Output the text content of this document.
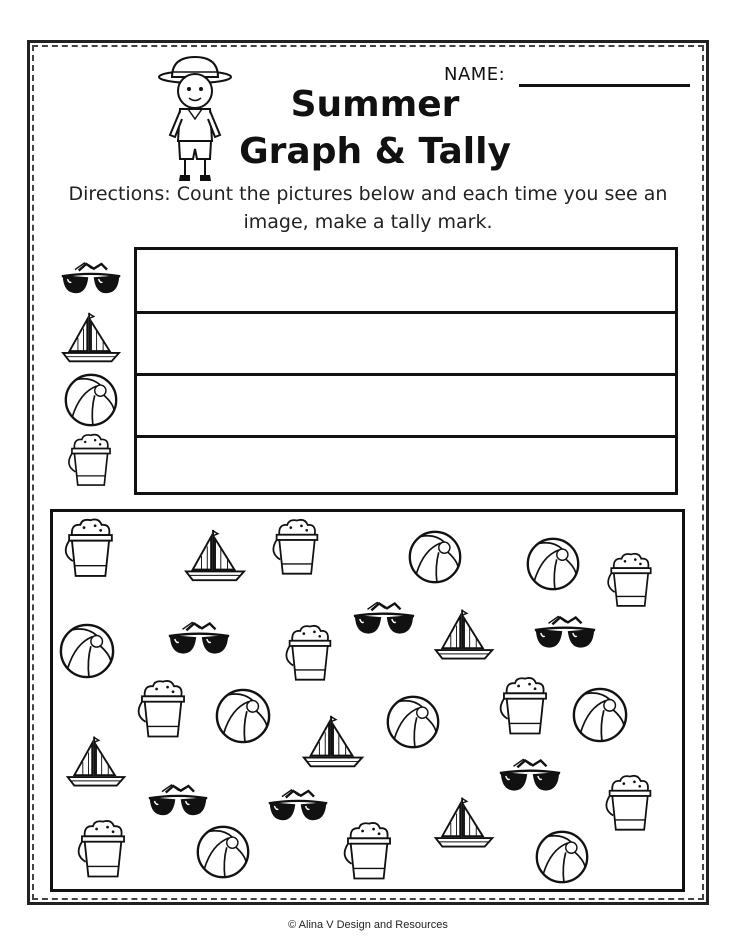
NAME:
Summer
Graph & Tally
Directions: Count the pictures below and each time you see an image, make a tally mark.
© Alina V Design and Resources
